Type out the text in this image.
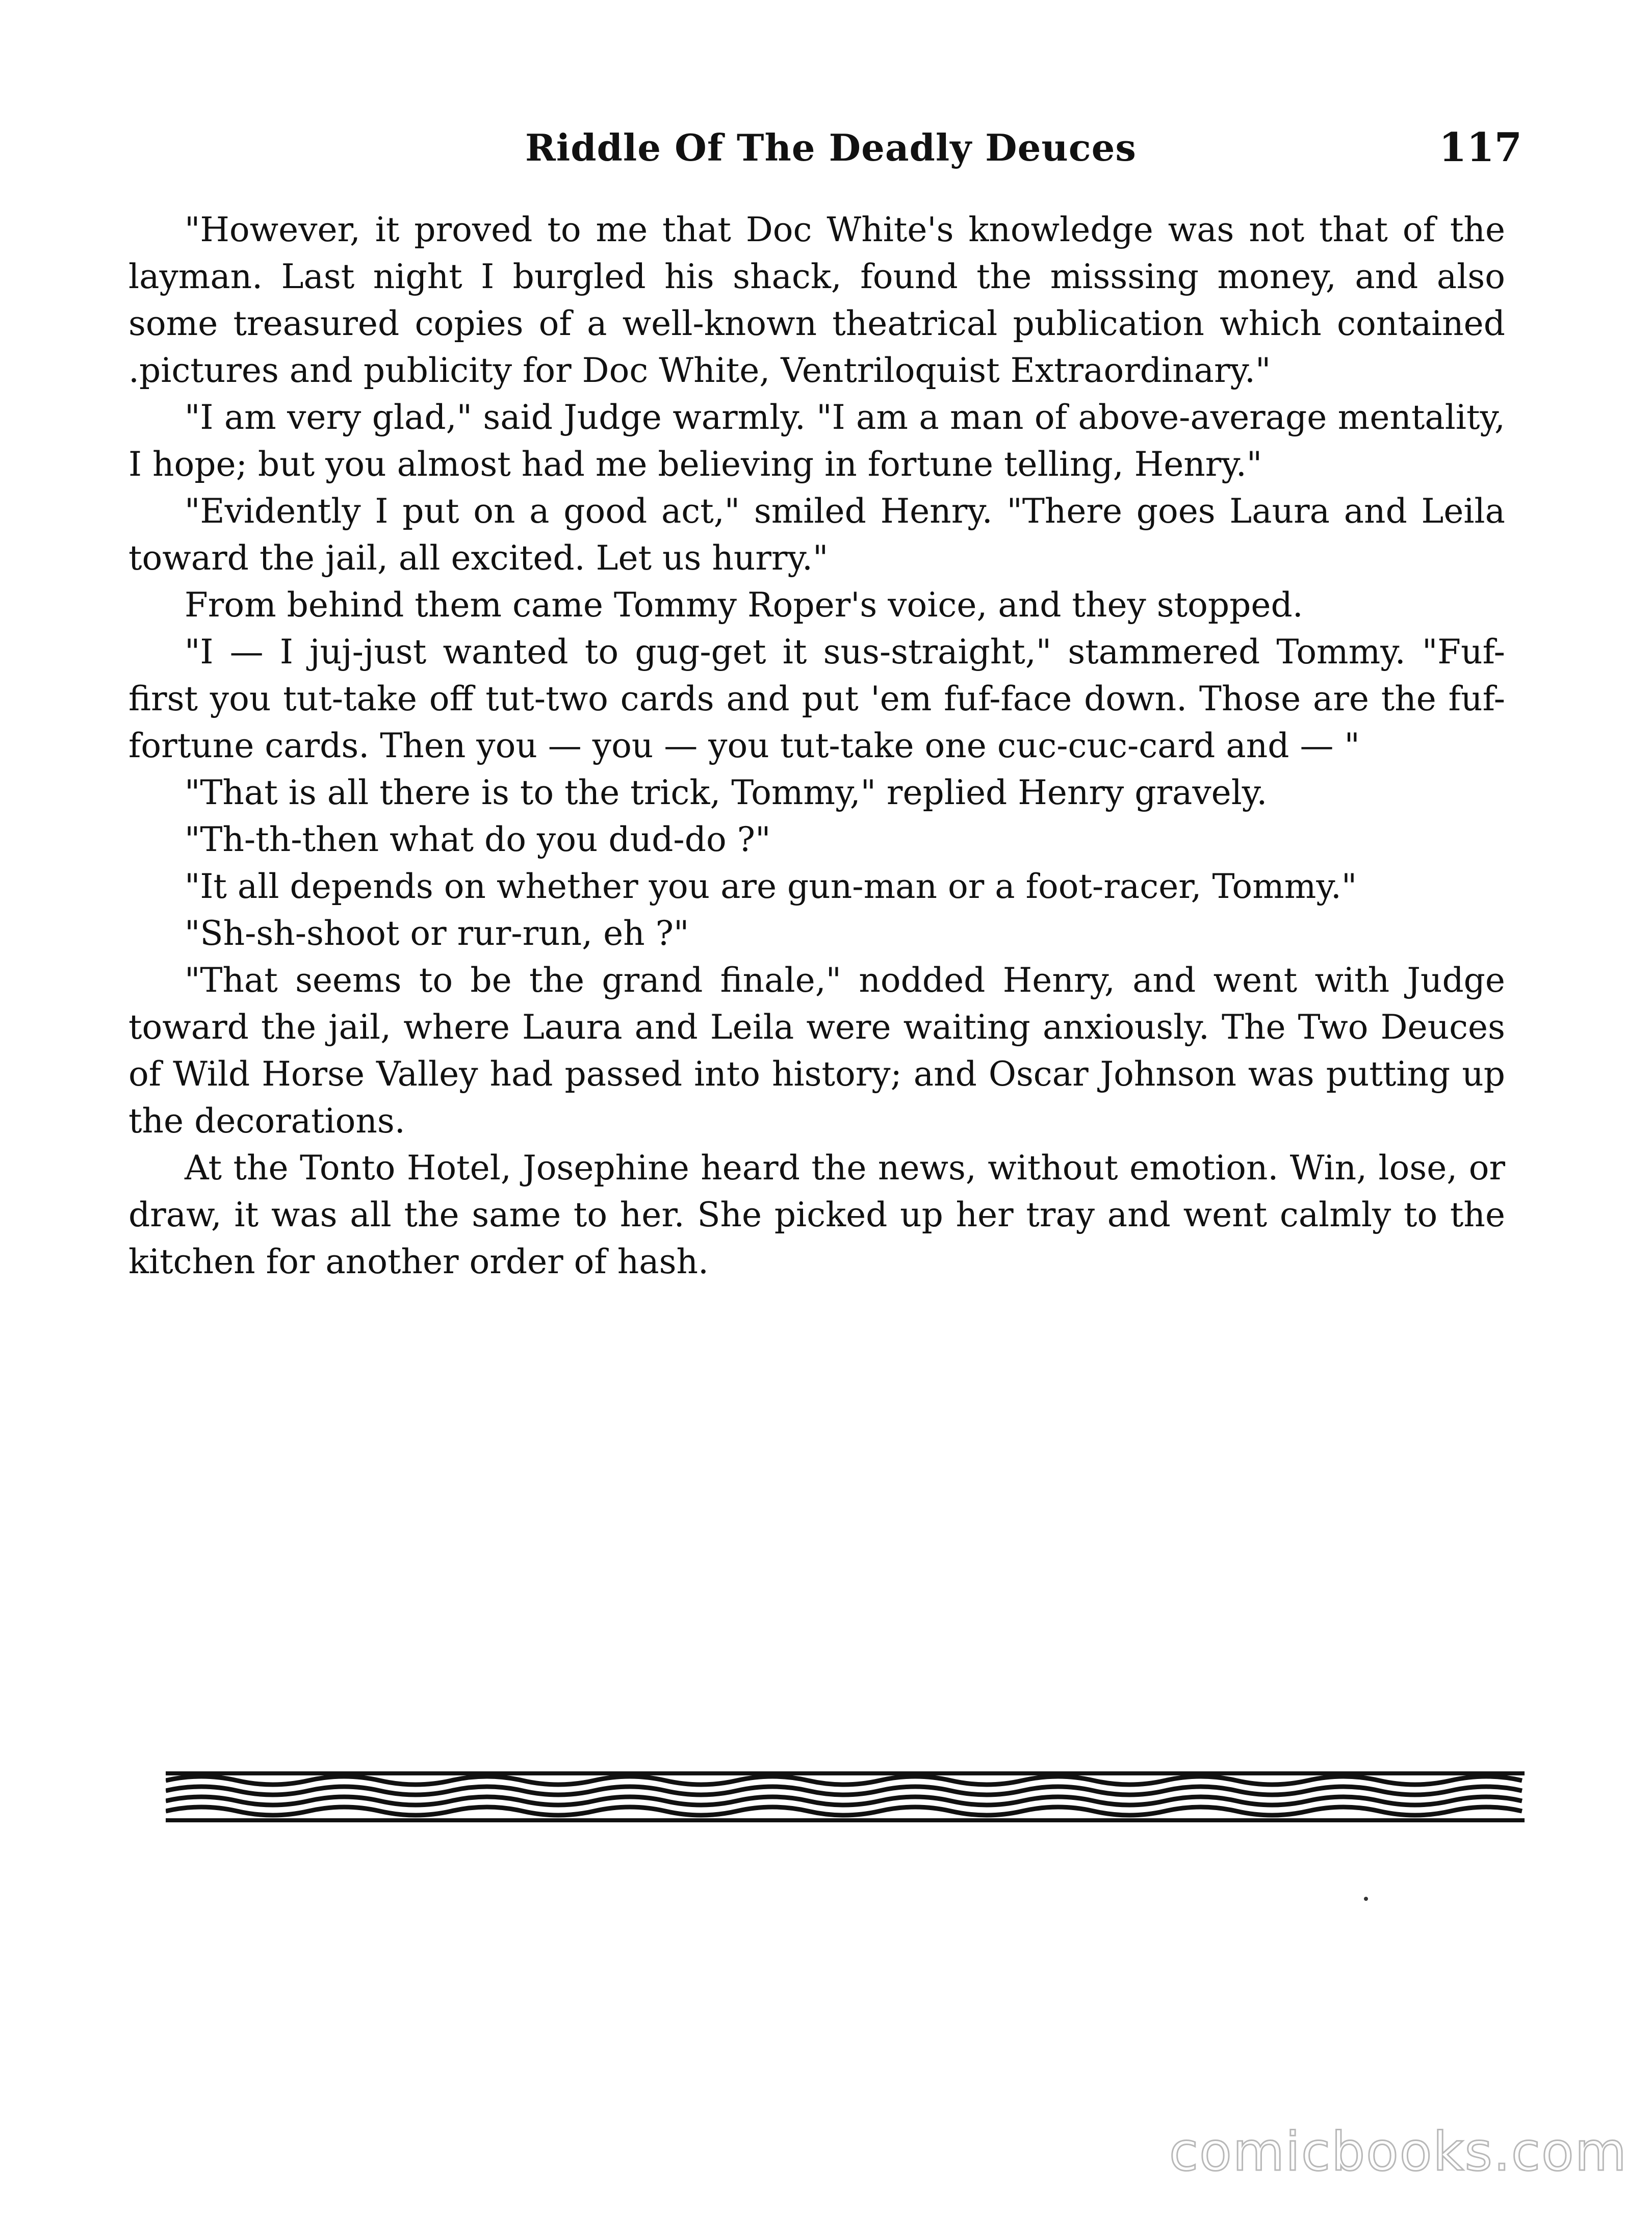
Riddle Of The Deadly Deuces	117

"However, it proved to me that Doc White's knowledge was not that of the layman. Last night I burgled his shack, found the misssing money, and also some treasured copies of a well-known theatrical publication which contained .pictures and publicity for Doc White, Ventriloquist Extraordinary."

"I am very glad," said Judge warmly. "I am a man of above-average mentality, I hope; but you almost had me believing in fortune telling, Henry."

"Evidently I put on a good act," smiled Henry. "There goes Laura and Leila toward the jail, all excited. Let us hurry."

From behind them came Tommy Roper's voice, and they stopped.

"I — I juj-just wanted to gug-get it sus-straight," stammered Tommy. "Fuf-first you tut-take off tut-two cards and put 'em fuf-face down. Those are the fuf-fortune cards. Then you — you — you tut-take one cuc-cuc-card and — "

"That is all there is to the trick, Tommy," replied Henry gravely.

"Th-th-then what do you dud-do ?"

"It all depends on whether you are gun-man or a foot-racer, Tommy."

"Sh-sh-shoot or rur-run, eh ?"

"That seems to be the grand finale," nodded Henry, and went with Judge toward the jail, where Laura and Leila were waiting anxiously. The Two Deuces of Wild Horse Valley had passed into history; and Oscar Johnson was putting up the decorations.

At the Tonto Hotel, Josephine heard the news, without emotion. Win, lose, or draw, it was all the same to her. She picked up her tray and went calmly to the kitchen for another order of hash.

comicbooks.com
